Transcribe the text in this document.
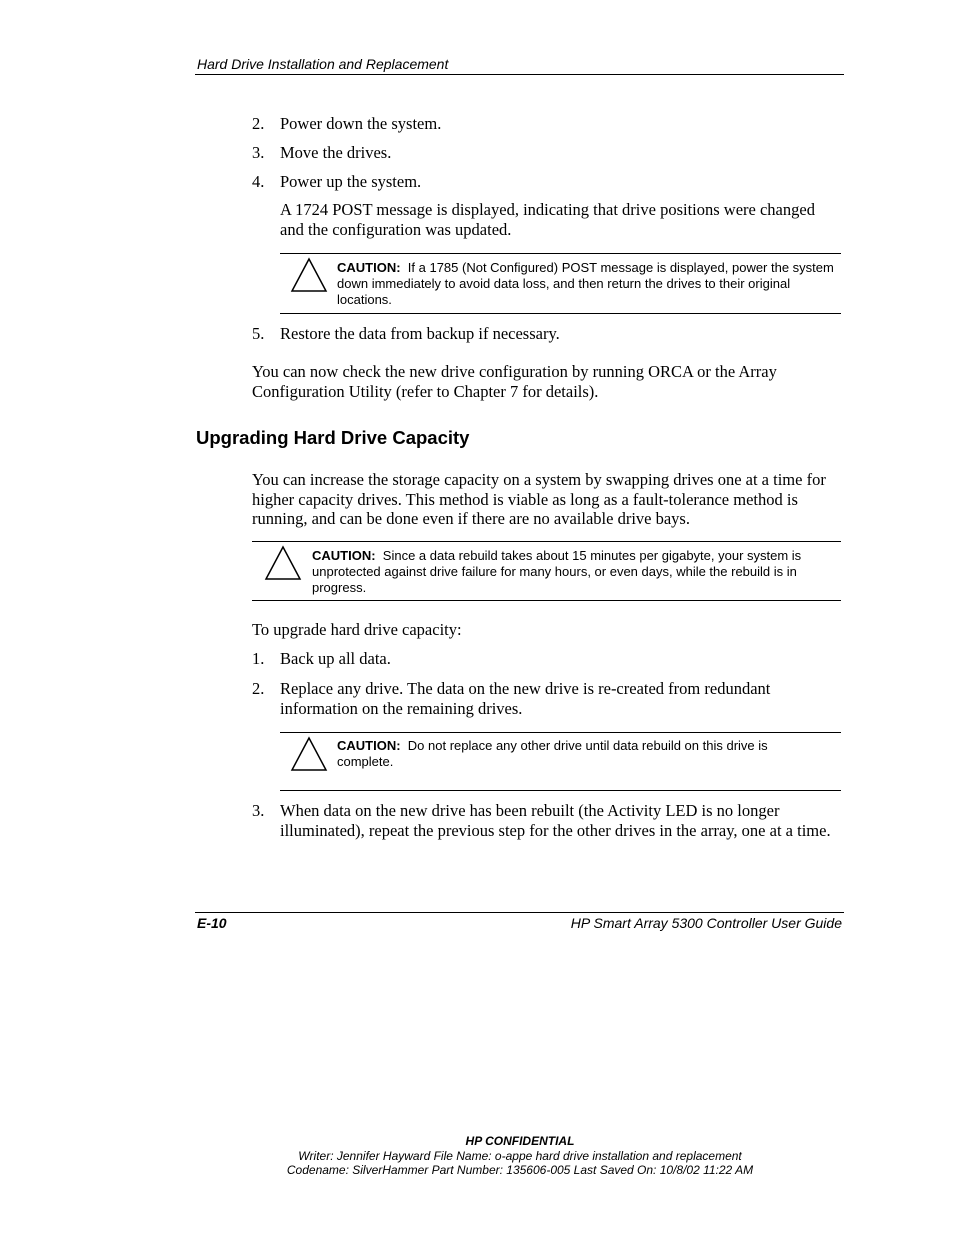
Hard Drive Installation and Replacement
2. Power down the system.
3. Move the drives.
4. Power up the system.
A 1724 POST message is displayed, indicating that drive positions were changed and the configuration was updated.
CAUTION: If a 1785 (Not Configured) POST message is displayed, power the system down immediately to avoid data loss, and then return the drives to their original locations.
5. Restore the data from backup if necessary.
You can now check the new drive configuration by running ORCA or the Array Configuration Utility (refer to Chapter 7 for details).
Upgrading Hard Drive Capacity
You can increase the storage capacity on a system by swapping drives one at a time for higher capacity drives. This method is viable as long as a fault-tolerance method is running, and can be done even if there are no available drive bays.
CAUTION: Since a data rebuild takes about 15 minutes per gigabyte, your system is unprotected against drive failure for many hours, or even days, while the rebuild is in progress.
To upgrade hard drive capacity:
1. Back up all data.
2. Replace any drive. The data on the new drive is re-created from redundant information on the remaining drives.
CAUTION: Do not replace any other drive until data rebuild on this drive is complete.
3. When data on the new drive has been rebuilt (the Activity LED is no longer illuminated), repeat the previous step for the other drives in the array, one at a time.
E-10	HP Smart Array 5300 Controller User Guide
HP CONFIDENTIAL
Writer: Jennifer Hayward File Name: o-appe hard drive installation and replacement
Codename: SilverHammer Part Number: 135606-005 Last Saved On: 10/8/02 11:22 AM
